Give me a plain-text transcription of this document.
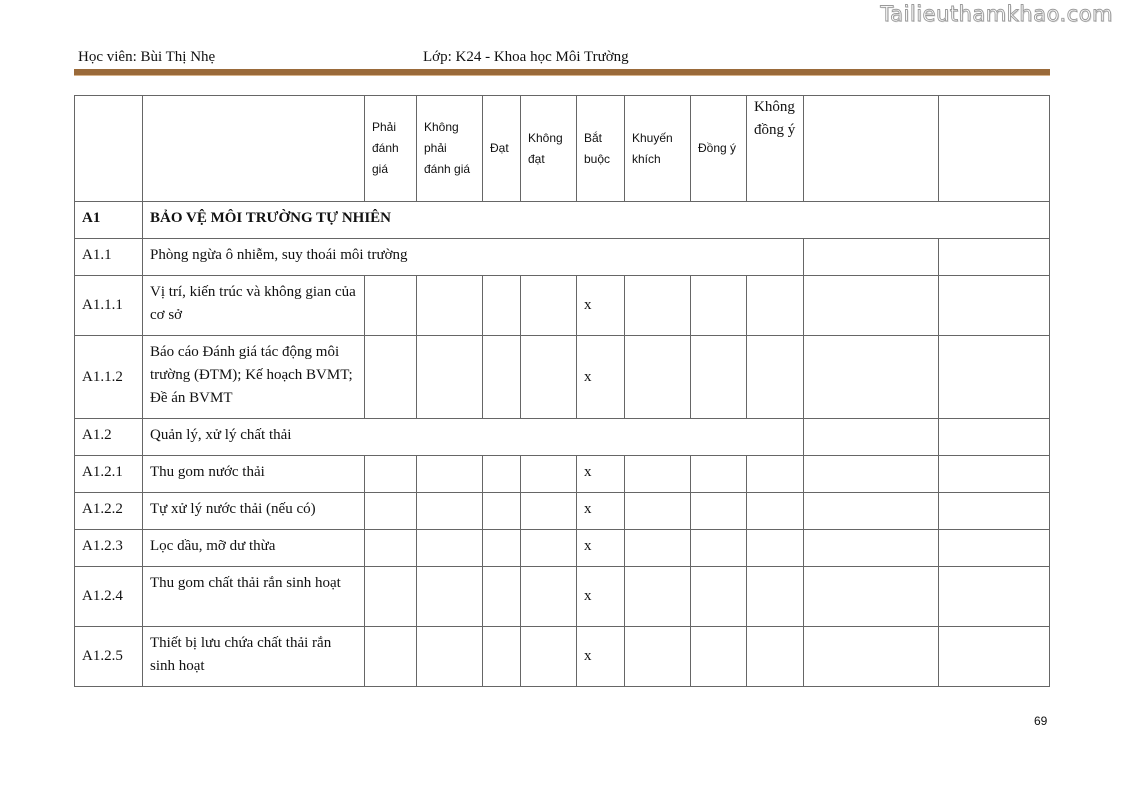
Tailieuthamkhao.com
Học viên: Bùi Thị Nhẹ	Lớp: K24 - Khoa học Môi Trường
		Phải đánh giá	Không phải đánh giá	Đạt	Không đạt	Bắt buộc	Khuyến khích	Đồng ý	Không đồng ý		
A1	BẢO VỆ MÔI TRƯỜNG TỰ NHIÊN										
A1.1	Phòng ngừa ô nhiễm, suy thoái môi trường										
A1.1.1	Vị trí, kiến trúc và không gian của cơ sở					x					
A1.1.2	Báo cáo Đánh giá tác động môi trường (ĐTM); Kế hoạch BVMT; Đề án BVMT					x					
A1.2	Quản lý, xử lý chất thải										
A1.2.1	Thu gom nước thải					x					
A1.2.2	Tự xử lý nước thải (nếu có)					x					
A1.2.3	Lọc dầu, mỡ dư thừa					x					
A1.2.4	Thu gom chất thải rắn sinh hoạt					x					
A1.2.5	Thiết bị lưu chứa chất thải rắn sinh hoạt					x					
69
